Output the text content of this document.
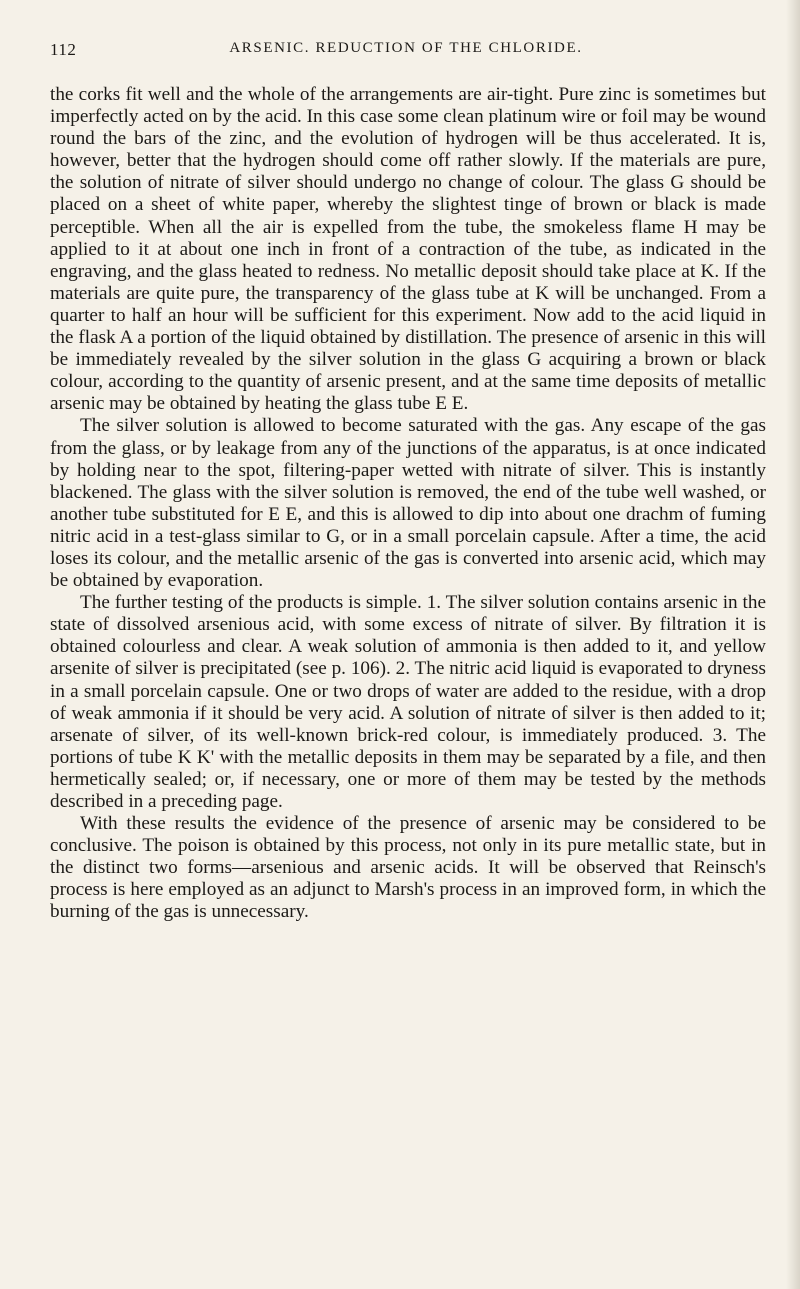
112	ARSENIC. REDUCTION OF THE CHLORIDE.

the corks fit well and the whole of the arrangements are air-tight. Pure zinc is sometimes but imperfectly acted on by the acid. In this case some clean platinum wire or foil may be wound round the bars of the zinc, and the evolution of hydrogen will be thus accelerated. It is, however, better that the hydrogen should come off rather slowly. If the materials are pure, the solution of nitrate of silver should undergo no change of colour. The glass G should be placed on a sheet of white paper, whereby the slightest tinge of brown or black is made perceptible. When all the air is expelled from the tube, the smokeless flame H may be applied to it at about one inch in front of a contraction of the tube, as indicated in the engraving, and the glass heated to redness. No metallic deposit should take place at K. If the materials are quite pure, the transparency of the glass tube at K will be unchanged. From a quarter to half an hour will be sufficient for this experiment. Now add to the acid liquid in the flask A a portion of the liquid obtained by distillation. The presence of arsenic in this will be immediately revealed by the silver solution in the glass G acquiring a brown or black colour, according to the quantity of arsenic present, and at the same time deposits of metallic arsenic may be obtained by heating the glass tube E E.

The silver solution is allowed to become saturated with the gas. Any escape of the gas from the glass, or by leakage from any of the junctions of the apparatus, is at once indicated by holding near to the spot, filtering-paper wetted with nitrate of silver. This is instantly blackened. The glass with the silver solution is removed, the end of the tube well washed, or another tube substituted for E E, and this is allowed to dip into about one drachm of fuming nitric acid in a test-glass similar to G, or in a small porcelain capsule. After a time, the acid loses its colour, and the metallic arsenic of the gas is converted into arsenic acid, which may be obtained by evaporation.

The further testing of the products is simple. 1. The silver solution contains arsenic in the state of dissolved arsenious acid, with some excess of nitrate of silver. By filtration it is obtained colourless and clear. A weak solution of ammonia is then added to it, and yellow arsenite of silver is precipitated (see p. 106). 2. The nitric acid liquid is evaporated to dryness in a small porcelain capsule. One or two drops of water are added to the residue, with a drop of weak ammonia if it should be very acid. A solution of nitrate of silver is then added to it; arsenate of silver, of its well-known brick-red colour, is immediately produced. 3. The portions of tube K K' with the metallic deposits in them may be separated by a file, and then hermetically sealed; or, if necessary, one or more of them may be tested by the methods described in a preceding page.

With these results the evidence of the presence of arsenic may be considered to be conclusive. The poison is obtained by this process, not only in its pure metallic state, but in the distinct two forms—arsenious and arsenic acids. It will be observed that Reinsch's process is here employed as an adjunct to Marsh's process in an improved form, in which the burning of the gas is unnecessary.
